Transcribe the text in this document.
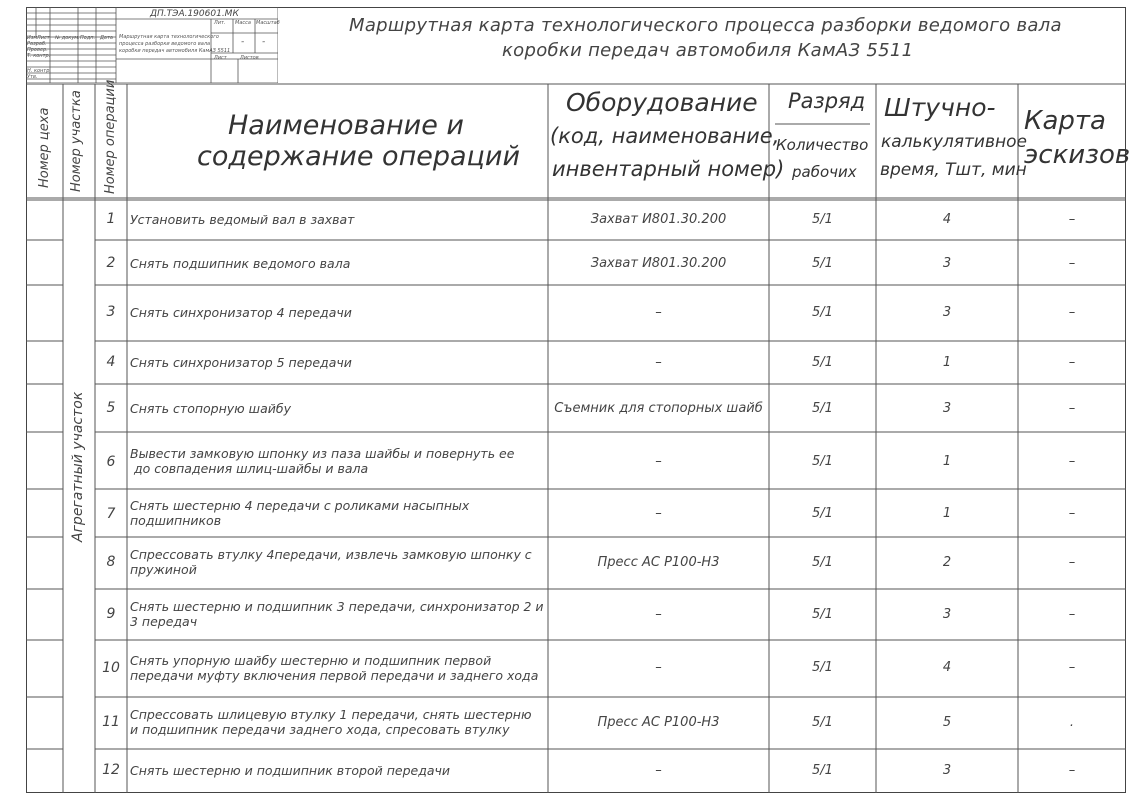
ДП.ТЭА.190601.МК
Маршрутная карта технологического
процесса разборки ведомого вала
коробки передач автомобиля КамАЗ 5511
Изм Лист № докум. Подп. Дата
Разраб.
Провер.
Т. контр.
Н. контр.
Утв.
Лит. Масса Масштаб
Лист	Листов
- -
Маршрутная карта технологического процесса разборки ведомого вала
коробки передач автомобиля КамАЗ 5511
Номер цеха Номер участка Номер операции	Наименование и
содержание операций
Оборудование
(код, наименование,
инвентарный номер)
Разряд
Количество
рабочих
Штучно-
калькулятивное
время, Тшт, мин
Карта
эскизов
Агрегатный участок
1	Установить ведомый вал в захват	Захват И801.30.200	5/1	4	–
2	Снять подшипник ведомого вала	Захват И801.30.200	5/1	3	–
3	Снять синхронизатор 4 передачи	–	5/1	3	–
4	Снять синхронизатор 5 передачи	–	5/1	1	–
5	Снять стопорную шайбу	Съемник для стопорных шайб	5/1	3	–
6
Вывести замковую шпонку из паза шайбы и повернуть ее
до совпадения шлиц-шайбы и вала	–	5/1	1	–
7
Снять шестерню 4 передачи с роликами насыпных
подшипников	–	5/1	1	–
8	Спрессовать втулку 4передачи, извлечь замковую шпонку с
пружиной	Пресс АС Р100-Н3	5/1	2	–
9	Снять шестерню и подшипник 3 передачи, синхронизатор 2 и
3 передач	–	5/1	3	–
10 Снять упорную шайбу шестерню и подшипник первой
передачи муфту включения первой передачи и заднего хода
–	5/1	4	–
11 Спрессовать шлицевую втулку 1 передачи, снять шестерню
и подшипник передачи заднего хода, спресовать втулку	Пресс АС Р100-Н3	5/1	5	.
12 Снять шестерню и подшипник второй передачи	–	5/1	3	–
